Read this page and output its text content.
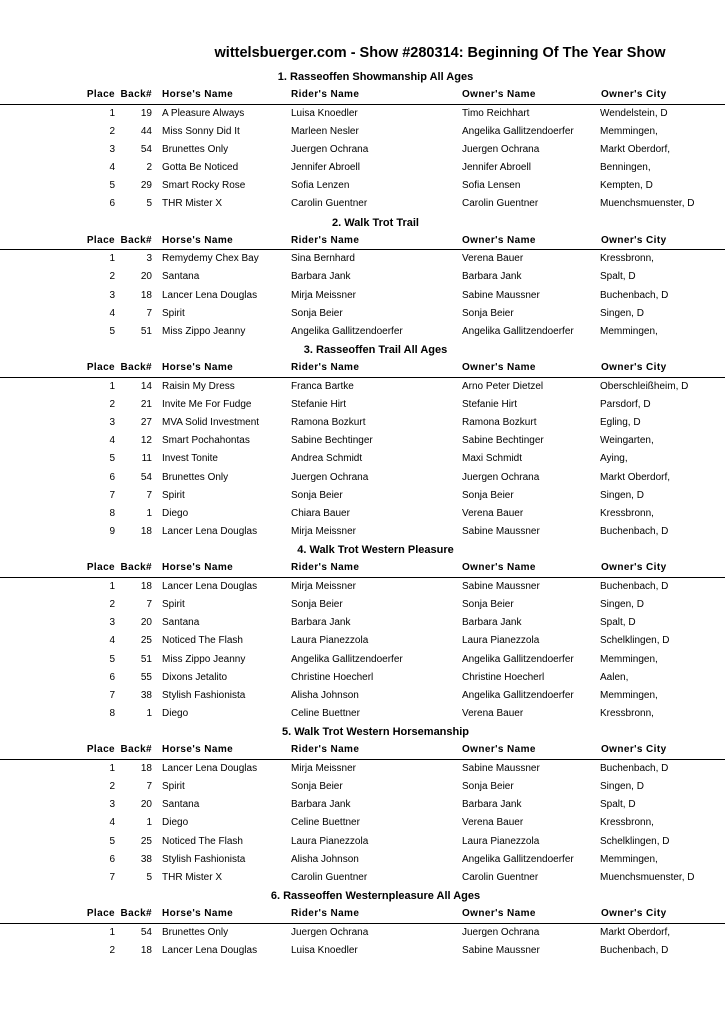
wittelsbuerger.com - Show #280314: Beginning Of The Year Show
1. Rasseoffen Showmanship All Ages
Place Back# Horse's Name	Rider's Name	Owner's Name	Owner's City
1	19 A Pleasure Always	Luisa Knoedler	Timo Reichhart	Wendelstein, D
2	44 Miss Sonny Did It	Marleen Nesler	Angelika Gallitzendoerfer	Memmingen,
3	54 Brunettes Only	Juergen Ochrana	Juergen Ochrana	Markt Oberdorf,
4	2 Gotta Be Noticed	Jennifer Abroell	Jennifer Abroell	Benningen,
5	29 Smart Rocky Rose	Sofia Lenzen	Sofia Lensen	Kempten, D
6	5 THR Mister X	Carolin Guentner	Carolin Guentner	Muenchsmuenster, D
2. Walk Trot Trail
Place Back# Horse's Name	Rider's Name	Owner's Name	Owner's City
1	3 Remydemy Chex Bay	Sina Bernhard	Verena Bauer	Kressbronn,
2	20 Santana	Barbara Jank	Barbara Jank	Spalt, D
3	18 Lancer Lena Douglas	Mirja Meissner	Sabine Maussner	Buchenbach, D
4	7 Spirit	Sonja Beier	Sonja Beier	Singen, D
5	51 Miss Zippo Jeanny	Angelika Gallitzendoerfer	Angelika Gallitzendoerfer	Memmingen,
3. Rasseoffen Trail All Ages
Place Back# Horse's Name	Rider's Name	Owner's Name	Owner's City
1	14 Raisin My Dress	Franca Bartke	Arno Peter Dietzel	Oberschleißheim, D
2	21 Invite Me For Fudge	Stefanie Hirt	Stefanie Hirt	Parsdorf, D
3	27 MVA Solid Investment	Ramona Bozkurt	Ramona Bozkurt	Egling, D
4	12 Smart Pochahontas	Sabine Bechtinger	Sabine Bechtinger	Weingarten,
5	11 Invest Tonite	Andrea Schmidt	Maxi Schmidt	Aying,
6	54 Brunettes Only	Juergen Ochrana	Juergen Ochrana	Markt Oberdorf,
7	7 Spirit	Sonja Beier	Sonja Beier	Singen, D
8	1 Diego	Chiara Bauer	Verena Bauer	Kressbronn,
9	18 Lancer Lena Douglas	Mirja Meissner	Sabine Maussner	Buchenbach, D
4. Walk Trot Western Pleasure
Place Back# Horse's Name	Rider's Name	Owner's Name	Owner's City
1	18 Lancer Lena Douglas	Mirja Meissner	Sabine Maussner	Buchenbach, D
2	7 Spirit	Sonja Beier	Sonja Beier	Singen, D
3	20 Santana	Barbara Jank	Barbara Jank	Spalt, D
4	25 Noticed The Flash	Laura Pianezzola	Laura Pianezzola	Schelklingen, D
5	51 Miss Zippo Jeanny	Angelika Gallitzendoerfer	Angelika Gallitzendoerfer	Memmingen,
6	55 Dixons Jetalito	Christine Hoecherl	Christine Hoecherl	Aalen,
7	38 Stylish Fashionista	Alisha Johnson	Angelika Gallitzendoerfer	Memmingen,
8	1 Diego	Celine Buettner	Verena Bauer	Kressbronn,
5. Walk Trot Western Horsemanship
Place Back# Horse's Name	Rider's Name	Owner's Name	Owner's City
1	18 Lancer Lena Douglas	Mirja Meissner	Sabine Maussner	Buchenbach, D
2	7 Spirit	Sonja Beier	Sonja Beier	Singen, D
3	20 Santana	Barbara Jank	Barbara Jank	Spalt, D
4	1 Diego	Celine Buettner	Verena Bauer	Kressbronn,
5	25 Noticed The Flash	Laura Pianezzola	Laura Pianezzola	Schelklingen, D
6	38 Stylish Fashionista	Alisha Johnson	Angelika Gallitzendoerfer	Memmingen,
7	5 THR Mister X	Carolin Guentner	Carolin Guentner	Muenchsmuenster, D
6. Rasseoffen Westernpleasure All Ages
Place Back# Horse's Name	Rider's Name	Owner's Name	Owner's City
1	54 Brunettes Only	Juergen Ochrana	Juergen Ochrana	Markt Oberdorf,
2	18 Lancer Lena Douglas	Luisa Knoedler	Sabine Maussner	Buchenbach, D
